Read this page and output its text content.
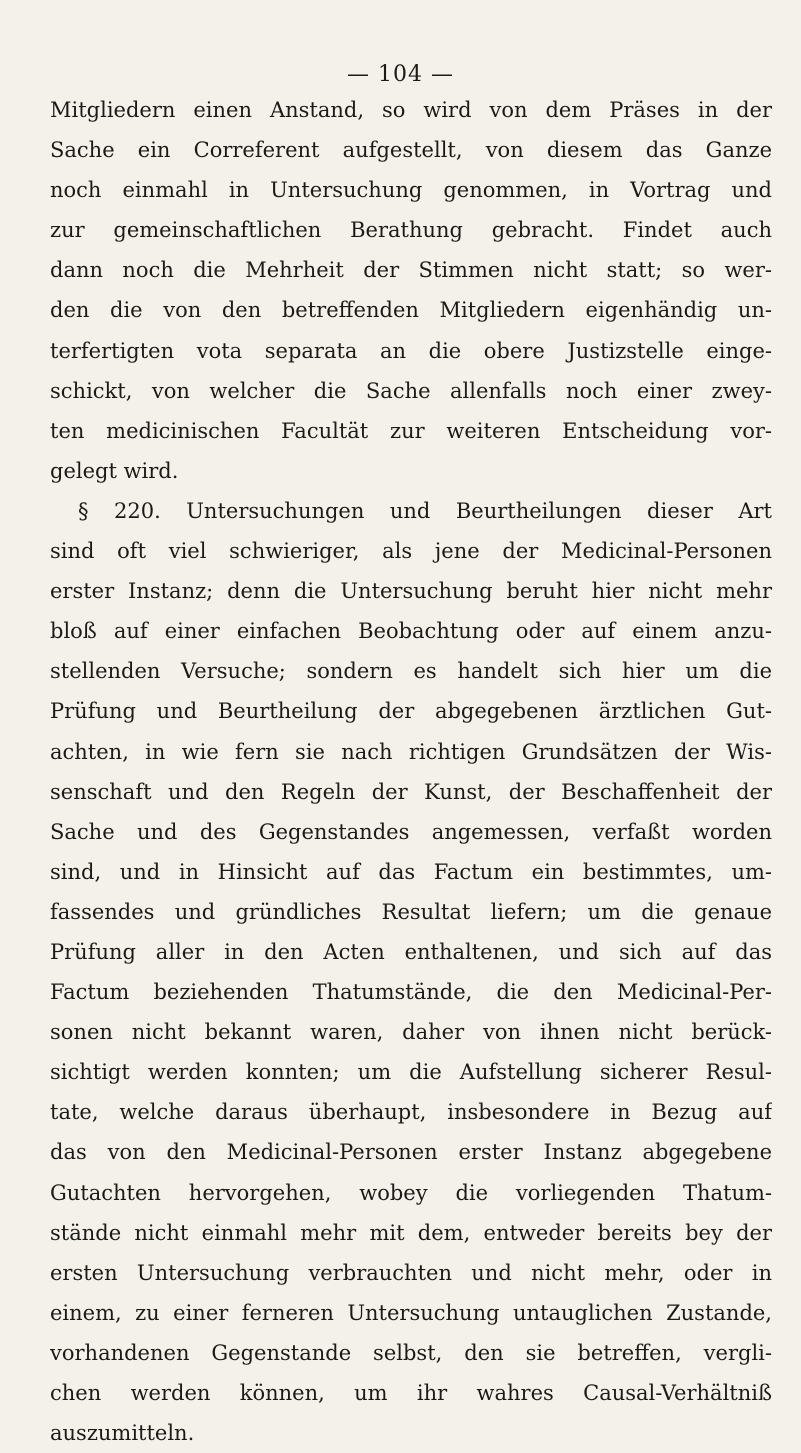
— 104 —
Mitgliedern einen Anstand, so wird von dem Präses in der
Sache ein Correferent aufgestellt, von diesem das Ganze
noch einmahl in Untersuchung genommen, in Vortrag und
zur gemeinschaftlichen Berathung gebracht. Findet auch
dann noch die Mehrheit der Stimmen nicht statt; so wer-
den die von den betreffenden Mitgliedern eigenhändig un-
terfertigten vota separata an die obere Justizstelle einge-
schickt, von welcher die Sache allenfalls noch einer zwey-
ten medicinischen Facultät zur weiteren Entscheidung vor-
gelegt wird.
§ 220. Untersuchungen und Beurtheilungen dieser Art
sind oft viel schwieriger, als jene der Medicinal-Personen
erster Instanz; denn die Untersuchung beruht hier nicht mehr
bloß auf einer einfachen Beobachtung oder auf einem anzu-
stellenden Versuche; sondern es handelt sich hier um die
Prüfung und Beurtheilung der abgegebenen ärztlichen Gut-
achten, in wie fern sie nach richtigen Grundsätzen der Wis-
senschaft und den Regeln der Kunst, der Beschaffenheit der
Sache und des Gegenstandes angemessen, verfaßt worden
sind, und in Hinsicht auf das Factum ein bestimmtes, um-
fassendes und gründliches Resultat liefern; um die genaue
Prüfung aller in den Acten enthaltenen, und sich auf das
Factum beziehenden Thatumstände, die den Medicinal-Per-
sonen nicht bekannt waren, daher von ihnen nicht berück-
sichtigt werden konnten; um die Aufstellung sicherer Resul-
tate, welche daraus überhaupt, insbesondere in Bezug auf
das von den Medicinal-Personen erster Instanz abgegebene
Gutachten hervorgehen, wobey die vorliegenden Thatum-
stände nicht einmahl mehr mit dem, entweder bereits bey der
ersten Untersuchung verbrauchten und nicht mehr, oder in
einem, zu einer ferneren Untersuchung untauglichen Zustande,
vorhandenen Gegenstande selbst, den sie betreffen, vergli-
chen werden können, um ihr wahres Causal-Verhältniß
auszumitteln.
